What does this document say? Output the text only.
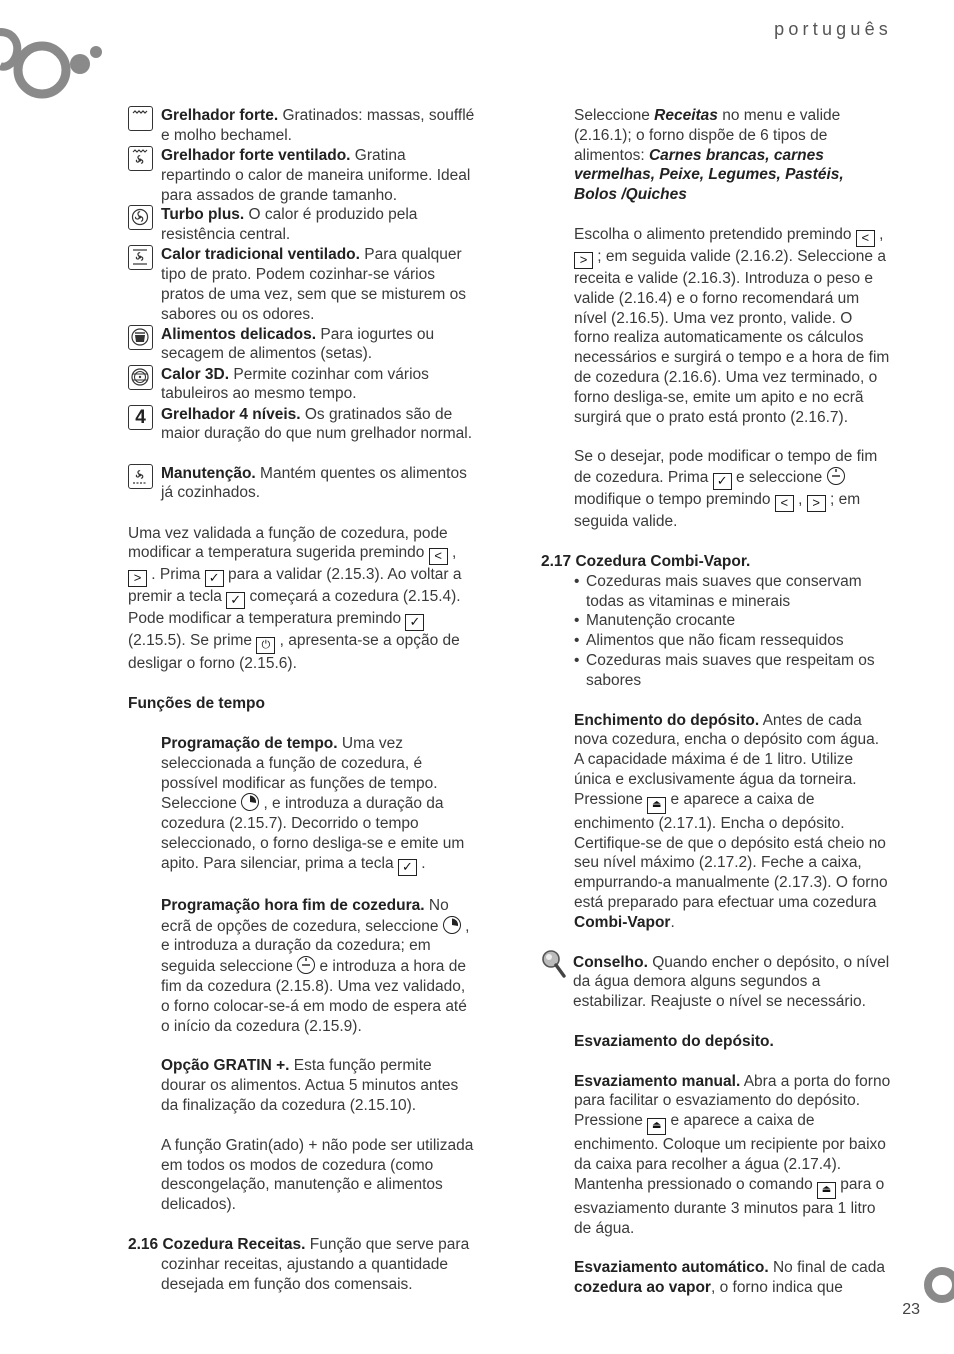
português
23
Grelhador forte. Gratinados: massas, soufflé e molho bechamel.
Grelhador forte ventilado. Gratina repartindo o calor de maneira uniforme. Ideal para assados de grande tamanho.
Turbo plus. O calor é produzido pela resistência central.
Calor tradicional ventilado. Para qualquer tipo de prato. Podem cozinhar-se vários pratos de uma vez, sem que se misturem os sabores ou os odores.
Alimentos delicados. Para iogurtes ou secagem de alimentos (setas).
Calor 3D. Permite cozinhar com vários tabuleiros ao mesmo tempo.
4 Grelhador 4 níveis. Os gratinados são de maior duração do que num grelhador normal.
Manutenção. Mantém quentes os alimentos já cozinhados.

Uma vez validada a função de cozedura, pode modificar a temperatura sugerida premindo < , > . Prima ✓ para a validar (2.15.3). Ao voltar a premir a tecla ✓ começará a cozedura (2.15.4). Pode modificar a temperatura premindo ✓ (2.15.5). Se prime ⏻ , apresenta-se a opção de desligar o forno (2.15.6).

Funções de tempo

Programação de tempo. Uma vez seleccionada a função de cozedura, é possível modificar as funções de tempo. Seleccione
, e introduza a duração da cozedura (2.15.7). Decorrido o tempo seleccionado, o forno desliga-se e emite um apito. Para silenciar, prima a tecla ✓ .

Programação hora fim de cozedura. No ecrã de opções de cozedura, seleccione
, e introduza a duração da cozedura; em seguida seleccione
e introduza a hora de fim da cozedura (2.15.8). Uma vez validado, o forno colocar-se-á em modo de espera até o início da cozedura (2.15.9).

Opção GRATIN +. Esta função permite dourar os alimentos. Actua 5 minutos antes da finalização da cozedura (2.15.10).

A função Gratin(ado) + não pode ser utilizada em todos os modos de cozedura (como descongelação, manutenção e alimentos delicados).

2.16 Cozedura Receitas. Função que serve para cozinhar receitas, ajustando a quantidade desejada em função dos comensais.

Seleccione Receitas no menu e valide (2.16.1); o forno dispõe de 6 tipos de alimentos: Carnes brancas, carnes vermelhas, Peixe, Legumes, Pastéis, Bolos /Quiches

Escolha o alimento pretendido premindo < , > ; em seguida valide (2.16.2). Seleccione a receita e valide (2.16.3). Introduza o peso e valide (2.16.4) e o forno recomendará um nível (2.16.5). Uma vez pronto, valide. O forno realiza automaticamente os cálculos necessários e surgirá o tempo e a hora de fim de cozedura (2.16.6). Uma vez terminado, o forno desliga-se, emite um apito e no ecrã surgirá que o prato está pronto (2.16.7).

Se o desejar, pode modificar o tempo de fim de cozedura. Prima ✓ e seleccione
modifique o tempo premindo < , > ; em seguida valide.

2.17 Cozedura Combi-Vapor.

• Cozeduras mais suaves que conservam todas as vitaminas e minerais
• Manutenção crocante
• Alimentos que não ficam ressequidos
• Cozeduras mais suaves que respeitam os sabores

Enchimento do depósito. Antes de cada nova cozedura, encha o depósito com água. A capacidade máxima é de 1 litro. Utilize única e exclusivamente água da torneira. Pressione ⏏ e aparece a caixa de enchimento (2.17.1). Encha o depósito. Certifique-se de que o depósito está cheio no seu nível máximo (2.17.2). Feche a caixa, empurrando-a manualmente (2.17.3). O forno está preparado para efectuar uma cozedura Combi-Vapor.

Conselho. Quando encher o depósito, o nível da água demora alguns segundos a estabilizar. Reajuste o nível se necessário.

Esvaziamento do depósito.

Esvaziamento manual. Abra a porta do forno para facilitar o esvaziamento do depósito. Pressione ⏏ e aparece a caixa de enchimento. Coloque um recipiente por baixo da caixa para recolher a água (2.17.4). Mantenha pressionado o comando ⏏ para o esvaziamento durante 3 minutos para 1 litro de água.

Esvaziamento automático. No final de cada cozedura ao vapor, o forno indica que
